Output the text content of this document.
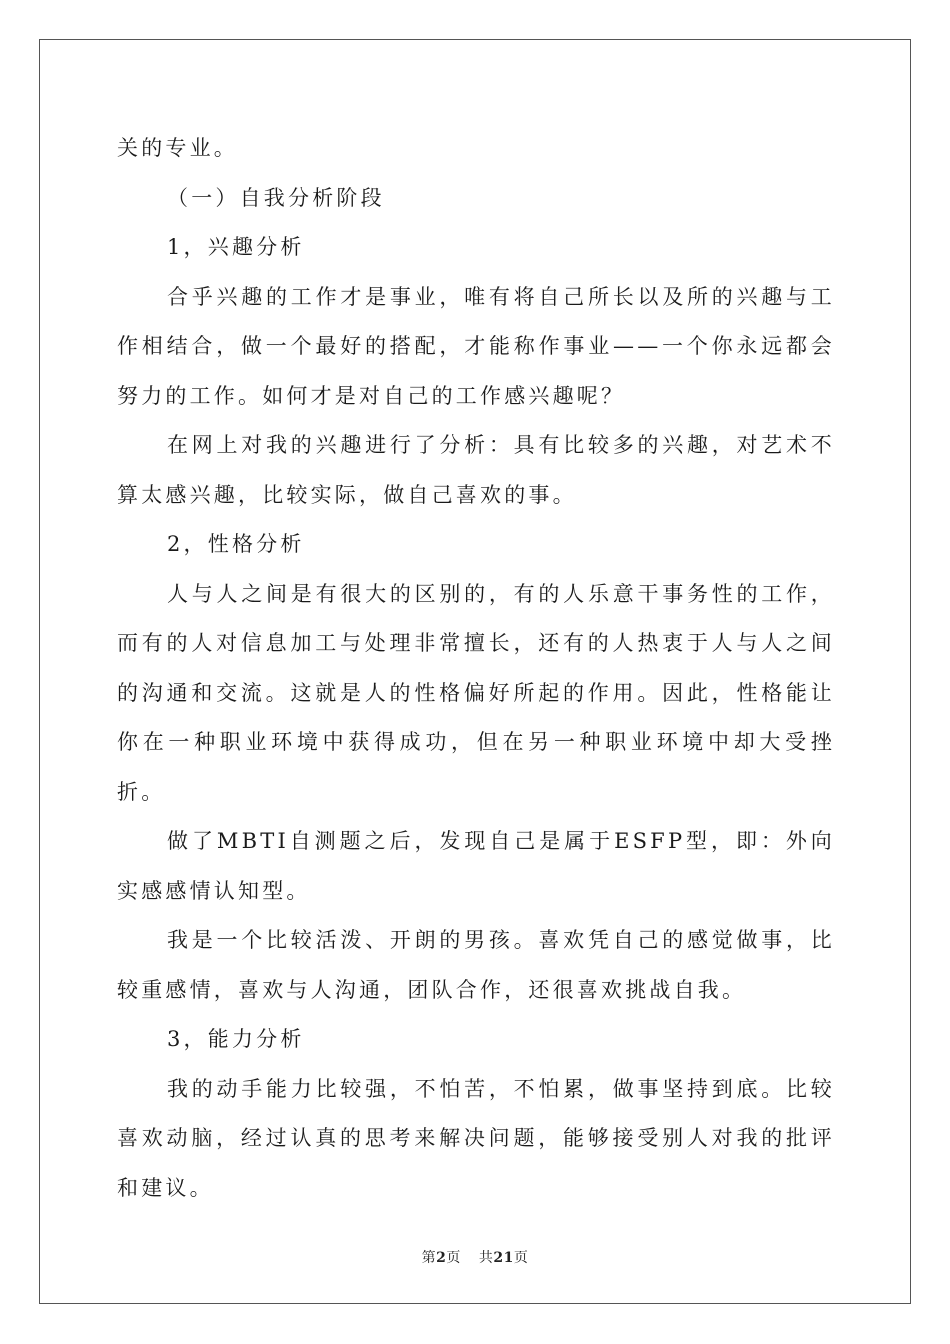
关的专业。

（一）自我分析阶段

1，兴趣分析

合乎兴趣的工作才是事业，唯有将自己所长以及所的兴趣与工作相结合，做一个最好的搭配，才能称作事业——一个你永远都会努力的工作。如何才是对自己的工作感兴趣呢？

在网上对我的兴趣进行了分析：具有比较多的兴趣，对艺术不算太感兴趣，比较实际，做自己喜欢的事。

2，性格分析

人与人之间是有很大的区别的，有的人乐意干事务性的工作，而有的人对信息加工与处理非常擅长，还有的人热衷于人与人之间的沟通和交流。这就是人的性格偏好所起的作用。因此，性格能让你在一种职业环境中获得成功，但在另一种职业环境中却大受挫折。

做了MBTI自测题之后，发现自己是属于ESFP型，即：外向实感感情认知型。

我是一个比较活泼、开朗的男孩。喜欢凭自己的感觉做事，比较重感情，喜欢与人沟通，团队合作，还很喜欢挑战自我。

3，能力分析

我的动手能力比较强，不怕苦，不怕累，做事坚持到底。比较喜欢动脑，经过认真的思考来解决问题，能够接受别人对我的批评和建议。

第2页 共21页
